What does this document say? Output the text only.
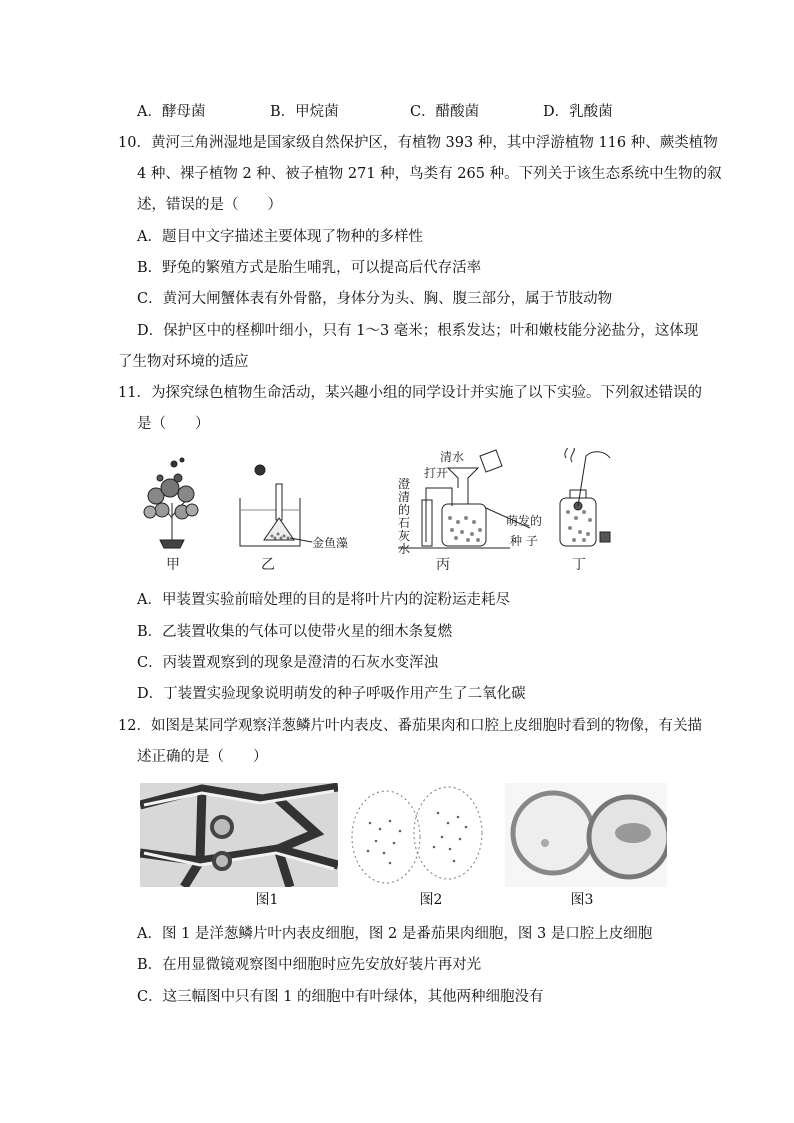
A．酵母菌	B．甲烷菌	C．醋酸菌	D．乳酸菌
10．黄河三角洲湿地是国家级自然保护区，有植物 393 种，其中浮游植物 116 种、蕨类植物
4 种、裸子植物 2 种、被子植物 271 种，鸟类有 265 种。下列关于该生态系统中生物的叙
述，错误的是（　　）
A．题目中文字描述主要体现了物种的多样性
B．野兔的繁殖方式是胎生哺乳，可以提高后代存活率
C．黄河大闸蟹体表有外骨骼，身体分为头、胸、腹三部分，属于节肢动物
D．保护区中的柽柳叶细小，只有 1～3 毫米；根系发达；叶和嫩枝能分泌盐分，这体现
了生物对环境的适应
11．为探究绿色植物生命活动，某兴趣小组的同学设计并实施了以下实验。下列叙述错误的
是（　　）
甲	乙
金鱼藻
清水
打开
澄
清
的
石
灰
水
萌发的
种 子
丙	丁
A．甲装置实验前暗处理的目的是将叶片内的淀粉运走耗尽
B．乙装置收集的气体可以使带火星的细木条复燃
C．丙装置观察到的现象是澄清的石灰水变浑浊
D．丁装置实验现象说明萌发的种子呼吸作用产生了二氧化碳
12．如图是某同学观察洋葱鳞片叶内表皮、番茄果肉和口腔上皮细胞时看到的物像，有关描
述正确的是（　　）
图1	图2	图3
A．图 1 是洋葱鳞片叶内表皮细胞，图 2 是番茄果肉细胞，图 3 是口腔上皮细胞
B．在用显微镜观察图中细胞时应先安放好装片再对光
C．这三幅图中只有图 1 的细胞中有叶绿体，其他两种细胞没有
